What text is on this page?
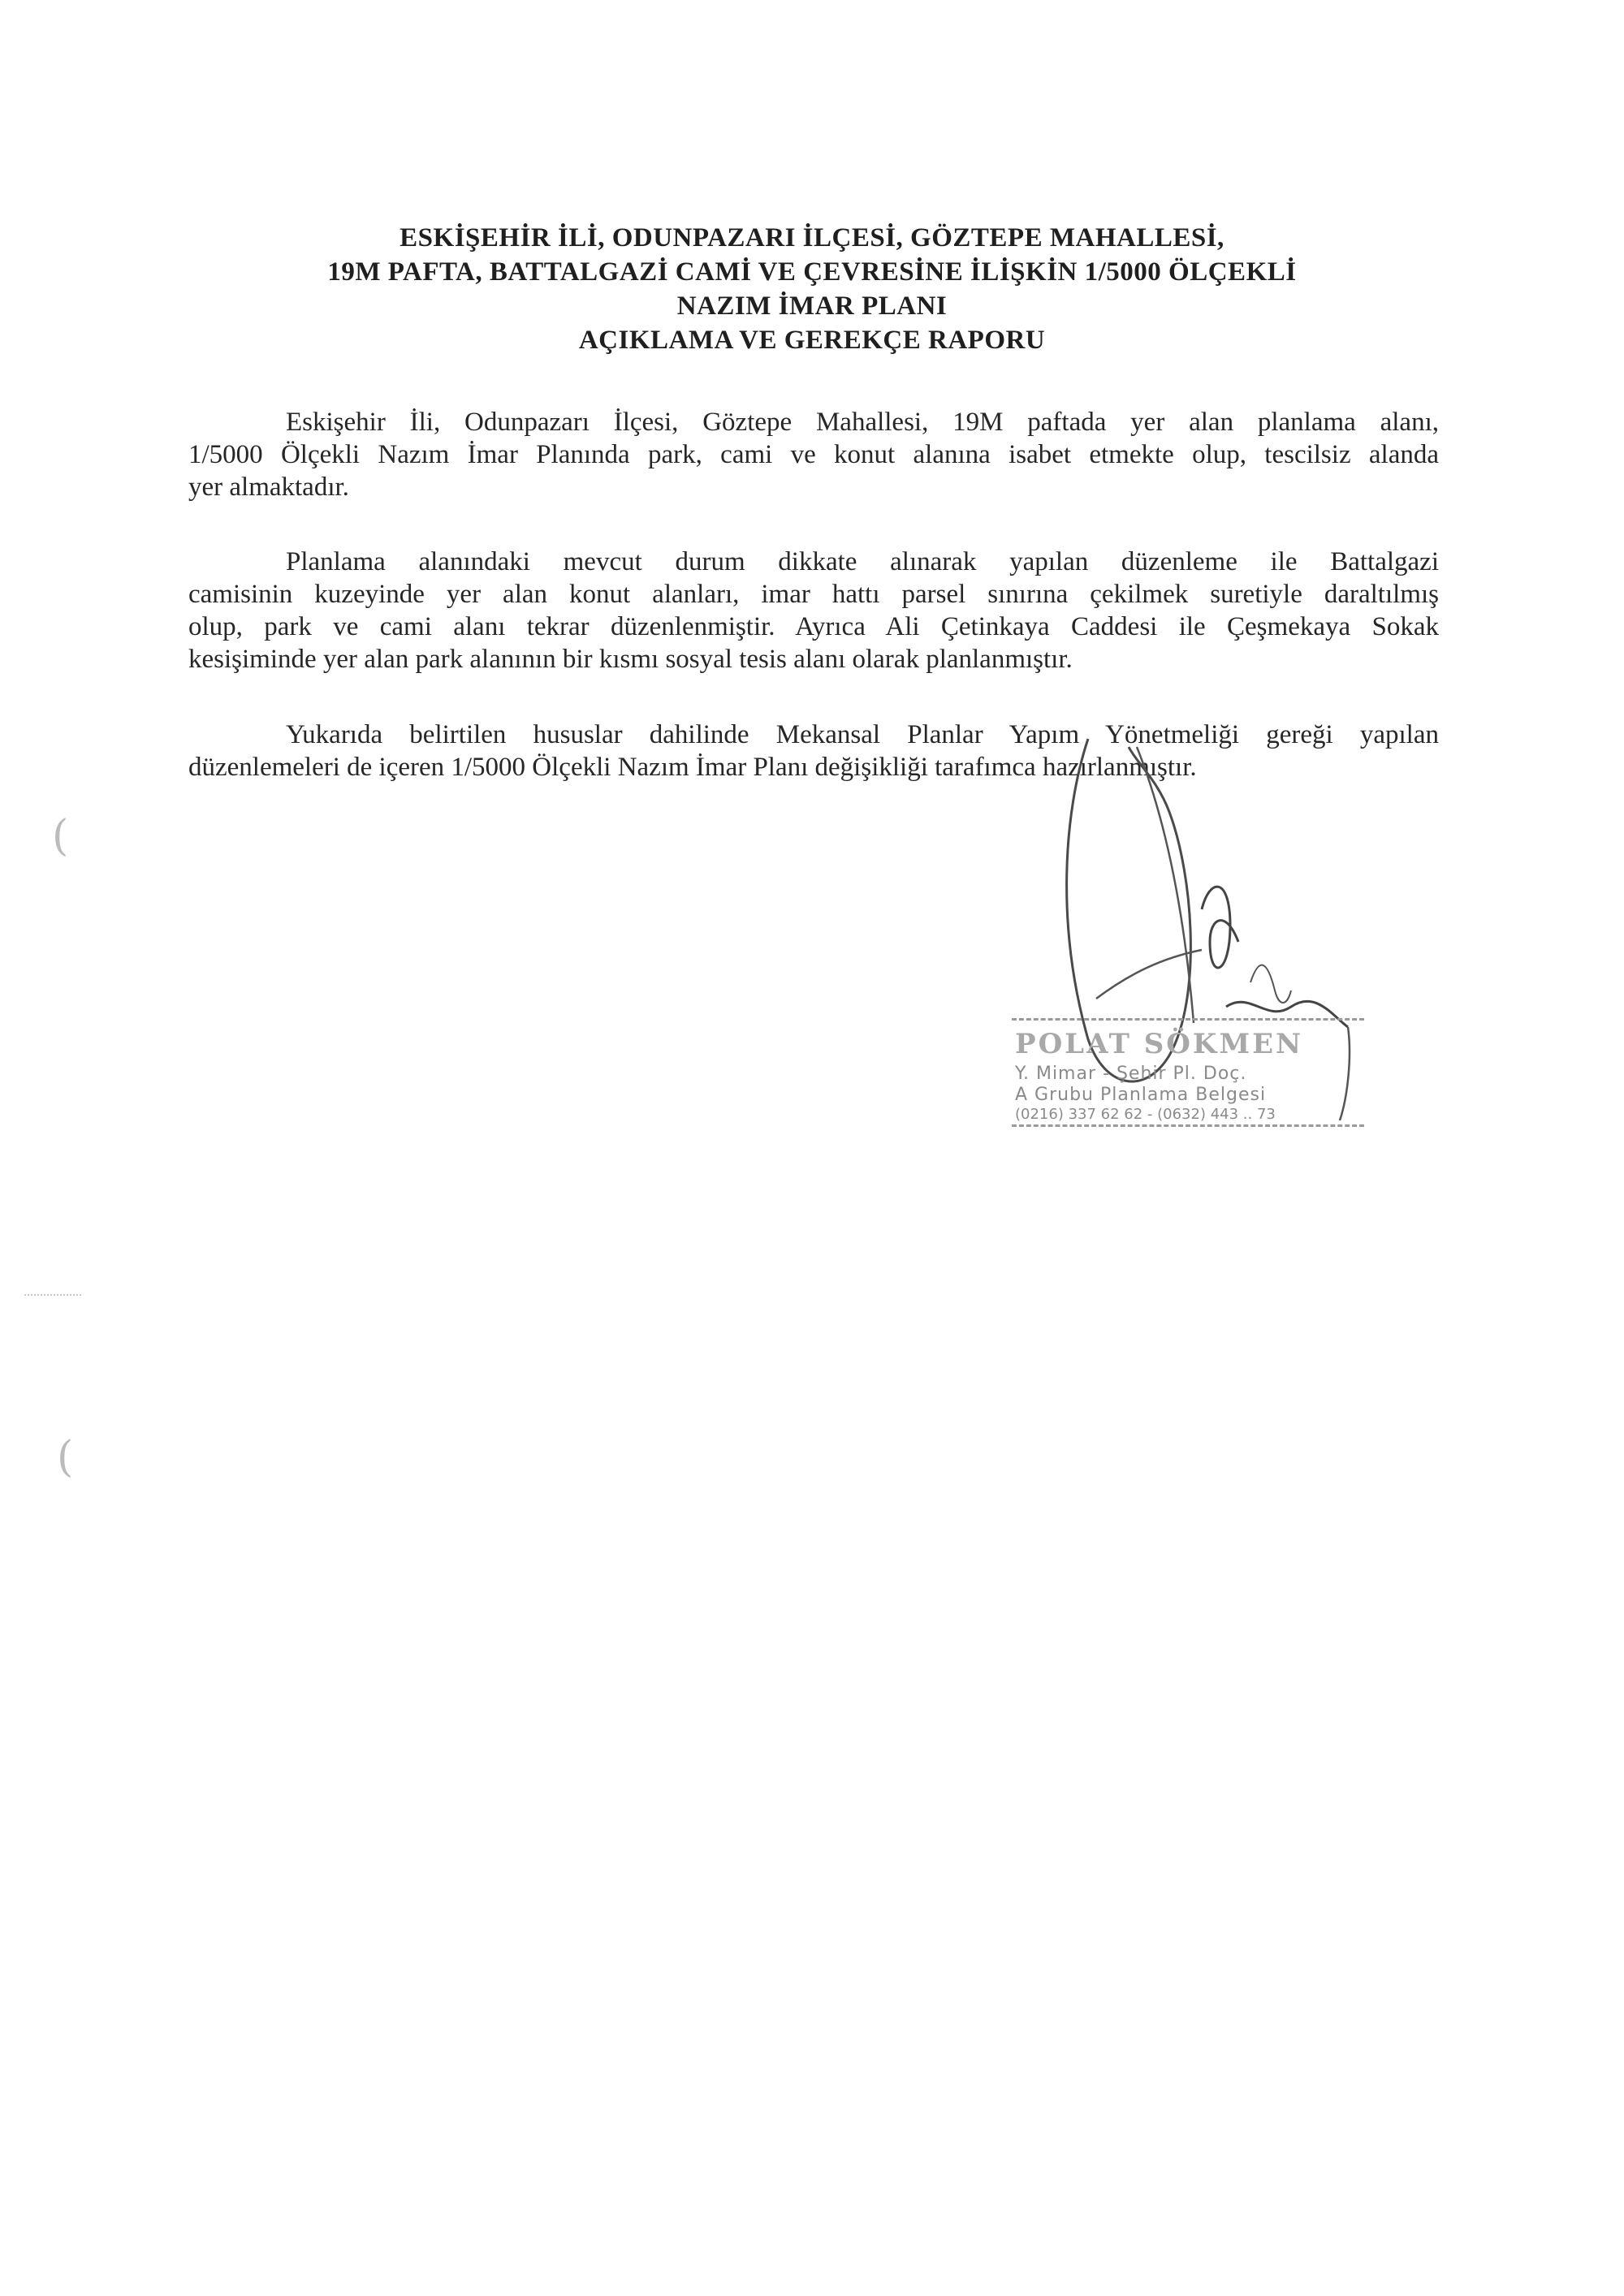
ESKİŞEHİR İLİ, ODUNPAZARI İLÇESİ, GÖZTEPE MAHALLESİ,
19M PAFTA, BATTALGAZİ CAMİ VE ÇEVRESİNE İLİŞKİN 1/5000 ÖLÇEKLİ
NAZIM İMAR PLANI
AÇIKLAMA VE GEREKÇE RAPORU
Eskişehir İli, Odunpazarı İlçesi, Göztepe Mahallesi, 19M paftada yer alan planlama alanı,
1/5000 Ölçekli Nazım İmar Planında park, cami ve konut alanına isabet etmekte olup, tescilsiz alanda
yer almaktadır.
Planlama alanındaki mevcut durum dikkate alınarak yapılan düzenleme ile Battalgazi
camisinin kuzeyinde yer alan konut alanları, imar hattı parsel sınırına çekilmek suretiyle daraltılmış
olup, park ve cami alanı tekrar düzenlenmiştir. Ayrıca Ali Çetinkaya Caddesi ile Çeşmekaya Sokak
kesişiminde yer alan park alanının bir kısmı sosyal tesis alanı olarak planlanmıştır.
Yukarıda belirtilen hususlar dahilinde Mekansal Planlar Yapım Yönetmeliği gereği yapılan
düzenlemeleri de içeren 1/5000 Ölçekli Nazım İmar Planı değişikliği tarafımca hazırlanmıştır.
POLAT SÖKMEN
Y. Mimar - Şehir Pl. Doç.
A Grubu Planlama Belgesi
(0216) 337 62 62 - (0632) 443 .. 73
(
(
